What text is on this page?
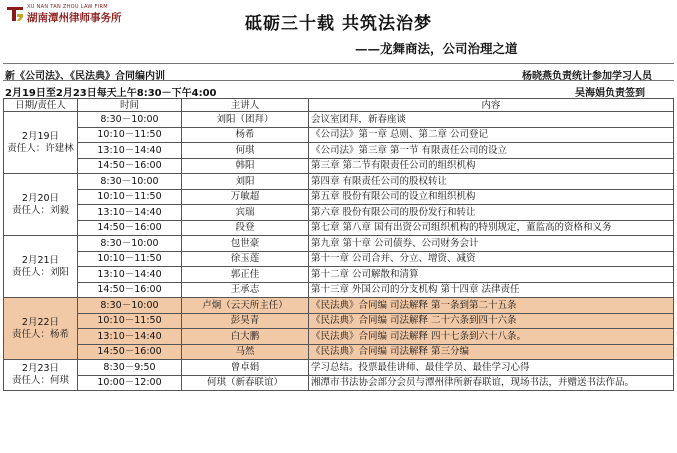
XU NAN TAN ZHOU LAW FIRM
湖南潭州律师事务所	砥砺三十载 共筑法治梦
——龙舞商法，公司治理之道
新《公司法》、《民法典》合同编内训	杨晓燕负责统计参加学习人员
2月19日至2月23日每天上午8:30－下午4:00	吴海娟负责签到
日期/责任人	时间	主讲人	内容
2月19日
责任人：许建林	8:30－10:00	刘阳（团拜）	会议室团拜，新春座谈
	10:10－11:50	杨希	《公司法》第一章 总则、第二章 公司登记
	13:10－14:40	何琪	《公司法》第三章 第一节 有限责任公司的设立
	14:50－16:00	韩阳	第三章 第二节有限责任公司的组织机构
2月20日
责任人：刘毅	8:30－10:00	刘阳	第四章 有限责任公司的股权转让
	10:10－11:50	万敏超	第五章 股份有限公司的设立和组织机构
	13:10－14:40	宾瑞	第六章 股份有限公司的股份发行和转让
	14:50－16:00	段登	第七章 第八章 国有出资公司组织机构的特别规定，董监高的资格和义务
2月21日
责任人：刘阳	8:30－10:00	包世豪	第九章 第十章 公司债券、公司财务会计
	10:10－11:50	徐玉莲	第十一章 公司合并、分立、增资、减资
	13:10－14:40	郭正佳	第十二章 公司解散和清算
	14:50－16:00	王承志	第十三章 外国公司的分支机构 第十四章 法律责任
2月22日
责任人：杨希	8:30－10:00	卢炯（云天所主任）	《民法典》合同编 司法解释 第一条到第二十五条
	10:10－11:50	彭昊青	《民法典》合同编 司法解释 二十六条到四十六条
	13:10－14:40	白大鹏	《民法典》合同编 司法解释 四十七条到六十八条。
	14:50－16:00	马然	《民法典》合同编 司法解释 第三分编
2月23日
责任人：何琪	8:30－9:50	曾卓娟	学习总结。投票最佳讲师、最佳学员、最佳学习心得
	10:00－12:00	何琪（新春联谊）	湘潭市书法协会部分会员与潭州律所新春联谊，现场书法，并赠送书法作品。
